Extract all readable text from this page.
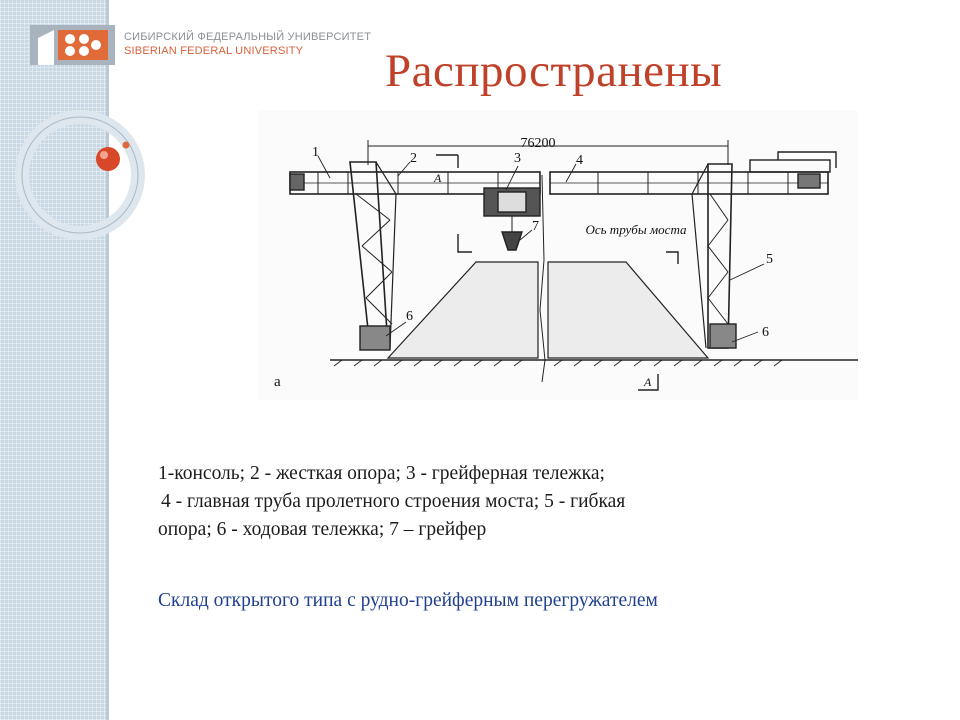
СИБИРСКИЙ ФЕДЕРАЛЬНЫЙ УНИВЕРСИТЕТ
SIBERIAN FEDERAL UNIVERSITY	Распространены
76200
Ось трубы моста
A
A
а
1	2	3	4
7
5
6
6
1-консоль; 2 - жесткая опора; 3 - грейферная тележка;
4 - главная труба пролетного строения моста; 5 - гибкая
опора; 6 - ходовая тележка; 7 – грейфер
Склад открытого типа с рудно-грейферным перегружателем
